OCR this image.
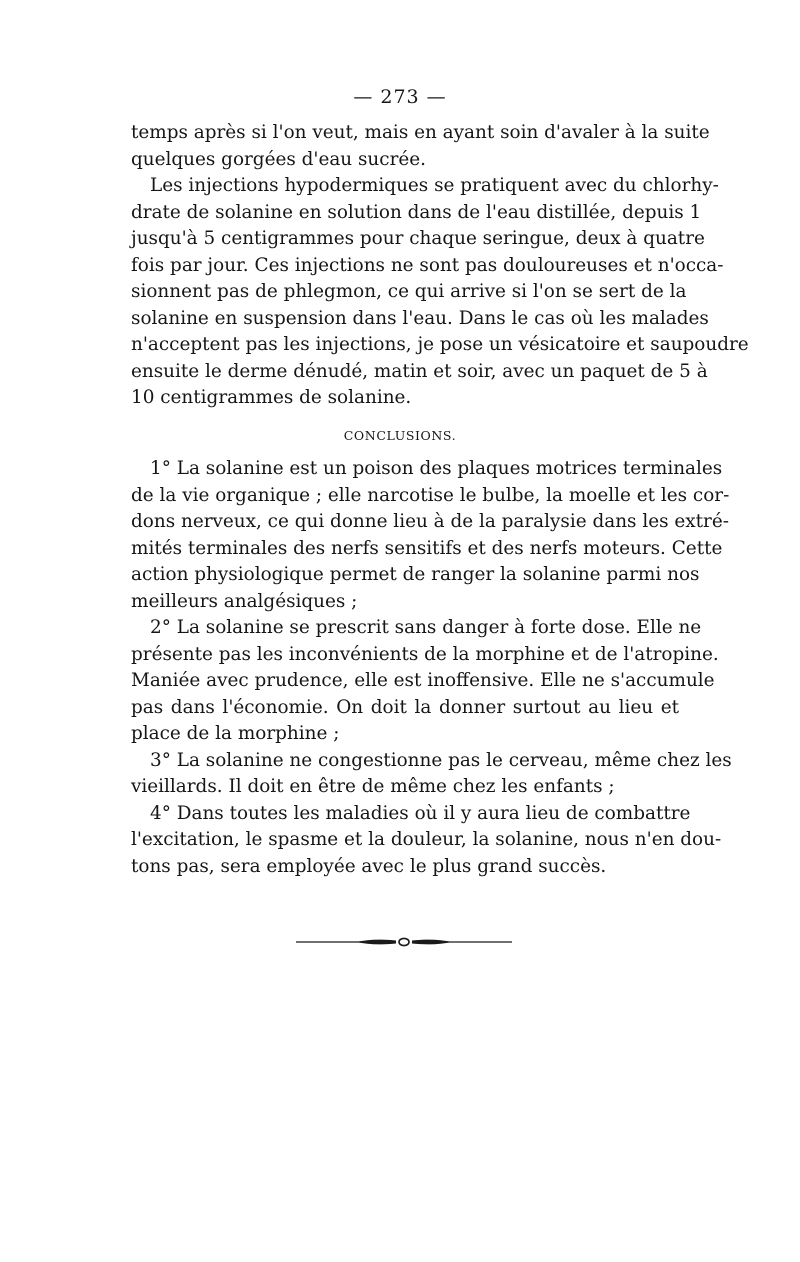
— 273 —
temps après si l'on veut, mais en ayant soin d'avaler à la suite
quelques gorgées d'eau sucrée.
Les injections hypodermiques se pratiquent avec du chlorhy-
drate de solanine en solution dans de l'eau distillée, depuis 1
jusqu'à 5 centigrammes pour chaque seringue, deux à quatre
fois par jour. Ces injections ne sont pas douloureuses et n'occa-
sionnent pas de phlegmon, ce qui arrive si l'on se sert de la
solanine en suspension dans l'eau. Dans le cas où les malades
n'acceptent pas les injections, je pose un vésicatoire et saupoudre
ensuite le derme dénudé, matin et soir, avec un paquet de 5 à
10 centigrammes de solanine.
CONCLUSIONS.
1° La solanine est un poison des plaques motrices terminales
de la vie organique ; elle narcotise le bulbe, la moelle et les cor-
dons nerveux, ce qui donne lieu à de la paralysie dans les extré-
mités terminales des nerfs sensitifs et des nerfs moteurs. Cette
action physiologique permet de ranger la solanine parmi nos
meilleurs analgésiques ;
2° La solanine se prescrit sans danger à forte dose. Elle ne
présente pas les inconvénients de la morphine et de l'atropine.
Maniée avec prudence, elle est inoffensive. Elle ne s'accumule
pas dans l'économie. On doit la donner surtout au lieu et
place de la morphine ;
3° La solanine ne congestionne pas le cerveau, même chez les
vieillards. Il doit en être de même chez les enfants ;
4° Dans toutes les maladies où il y aura lieu de combattre
l'excitation, le spasme et la douleur, la solanine, nous n'en dou-
tons pas, sera employée avec le plus grand succès.
